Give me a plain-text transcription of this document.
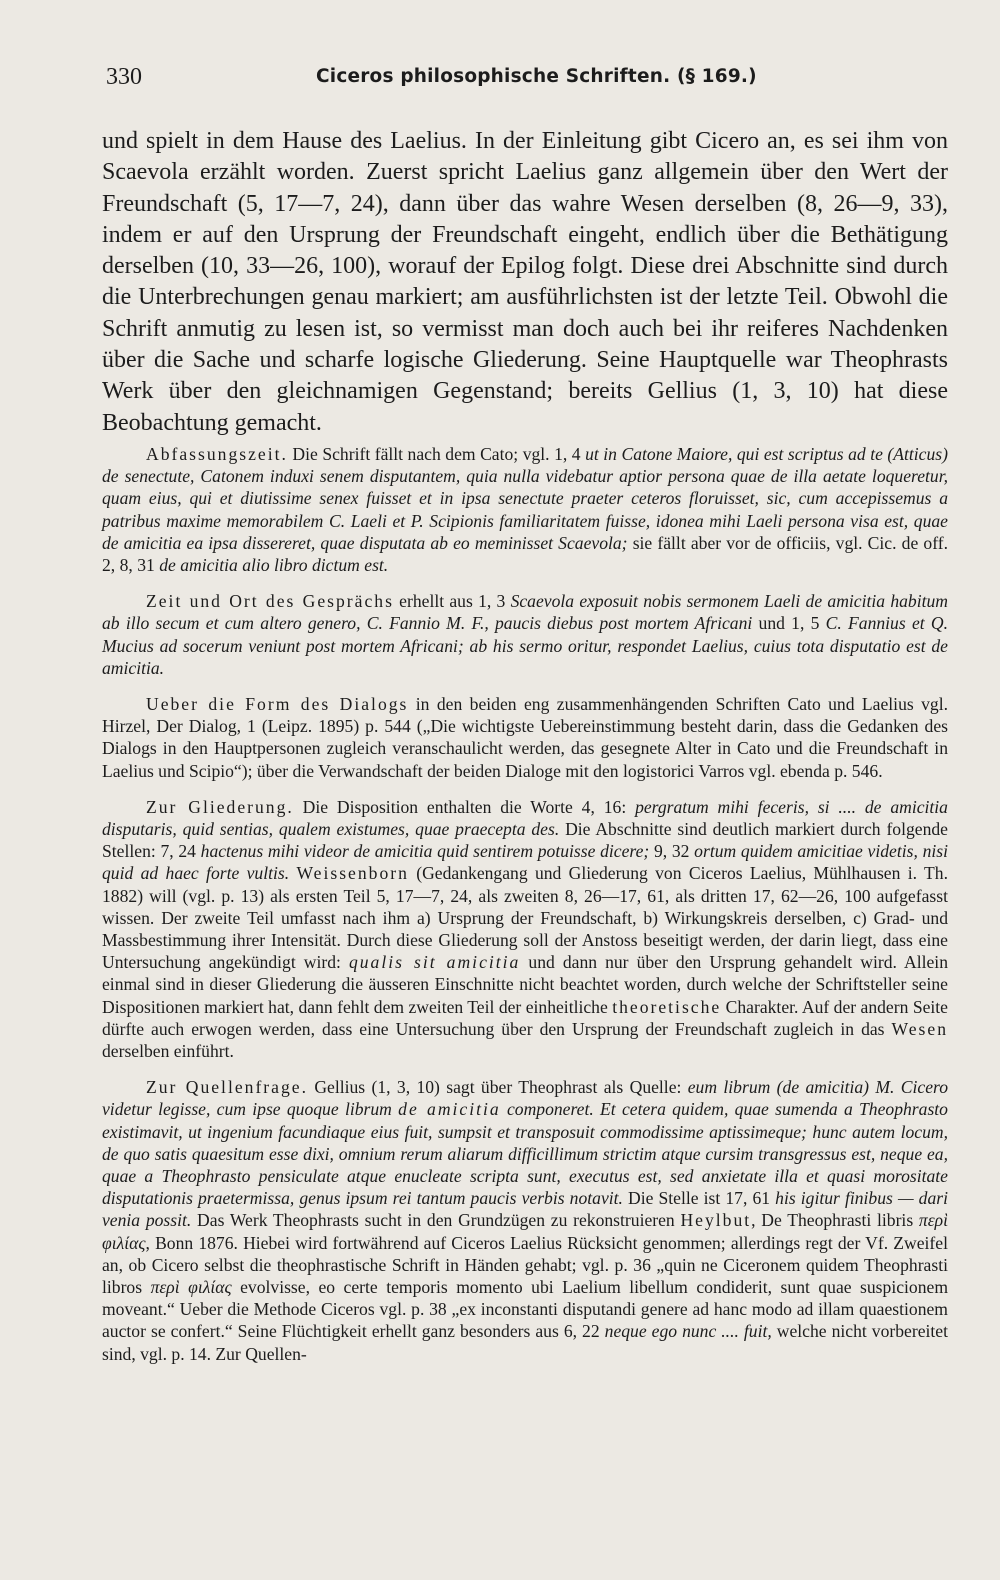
330	Ciceros philosophische Schriften. (§ 169.)

und spielt in dem Hause des Laelius. In der Einleitung gibt Cicero an, es sei ihm von Scaevola erzählt worden. Zuerst spricht Laelius ganz allgemein über den Wert der Freundschaft (5, 17—7, 24), dann über das wahre Wesen derselben (8, 26—9, 33), indem er auf den Ursprung der Freundschaft eingeht, endlich über die Bethätigung derselben (10, 33—26, 100), worauf der Epilog folgt. Diese drei Abschnitte sind durch die Unterbrechungen genau markiert; am ausführlichsten ist der letzte Teil. Obwohl die Schrift anmutig zu lesen ist, so vermisst man doch auch bei ihr reiferes Nachdenken über die Sache und scharfe logische Gliederung. Seine Hauptquelle war Theophrasts Werk über den gleichnamigen Gegenstand; bereits Gellius (1, 3, 10) hat diese Beobachtung gemacht.

Abfassungszeit. Die Schrift fällt nach dem Cato; vgl. 1, 4 ut in Catone Maiore, qui est scriptus ad te (Atticus) de senectute, Catonem induxi senem disputantem, quia nulla videbatur aptior persona quae de illa aetate loqueretur, quam eius, qui et diutissime senex fuisset et in ipsa senectute praeter ceteros floruisset, sic, cum accepissemus a patribus maxime memorabilem C. Laeli et P. Scipionis familiaritatem fuisse, idonea mihi Laeli persona visa est, quae de amicitia ea ipsa dissereret, quae disputata ab eo meminisset Scaevola; sie fällt aber vor de officiis, vgl. Cic. de off. 2, 8, 31 de amicitia alio libro dictum est.

Zeit und Ort des Gesprächs erhellt aus 1, 3 Scaevola exposuit nobis sermonem Laeli de amicitia habitum ab illo secum et cum altero genero, C. Fannio M. F., paucis diebus post mortem Africani und 1, 5 C. Fannius et Q. Mucius ad socerum veniunt post mortem Africani; ab his sermo oritur, respondet Laelius, cuius tota disputatio est de amicitia.

Ueber die Form des Dialogs in den beiden eng zusammenhängenden Schriften Cato und Laelius vgl. Hirzel, Der Dialog, 1 (Leipz. 1895) p. 544 („Die wichtigste Uebereinstimmung besteht darin, dass die Gedanken des Dialogs in den Hauptpersonen zugleich veranschaulicht werden, das gesegnete Alter in Cato und die Freundschaft in Laelius und Scipio“); über die Verwandschaft der beiden Dialoge mit den logistorici Varros vgl. ebenda p. 546.

Zur Gliederung. Die Disposition enthalten die Worte 4, 16: pergratum mihi feceris, si .... de amicitia disputaris, quid sentias, qualem existumes, quae praecepta des. Die Abschnitte sind deutlich markiert durch folgende Stellen: 7, 24 hactenus mihi videor de amicitia quid sentirem potuisse dicere; 9, 32 ortum quidem amicitiae videtis, nisi quid ad haec forte vultis. Weissenborn (Gedankengang und Gliederung von Ciceros Laelius, Mühlhausen i. Th. 1882) will (vgl. p. 13) als ersten Teil 5, 17—7, 24, als zweiten 8, 26—17, 61, als dritten 17, 62—26, 100 aufgefasst wissen. Der zweite Teil umfasst nach ihm a) Ursprung der Freundschaft, b) Wirkungskreis derselben, c) Grad- und Massbestimmung ihrer Intensität. Durch diese Gliederung soll der Anstoss beseitigt werden, der darin liegt, dass eine Untersuchung angekündigt wird: qualis sit amicitia und dann nur über den Ursprung gehandelt wird. Allein einmal sind in dieser Gliederung die äusseren Einschnitte nicht beachtet worden, durch welche der Schriftsteller seine Dispositionen markiert hat, dann fehlt dem zweiten Teil der einheitliche theoretische Charakter. Auf der andern Seite dürfte auch erwogen werden, dass eine Untersuchung über den Ursprung der Freundschaft zugleich in das Wesen derselben einführt.

Zur Quellenfrage. Gellius (1, 3, 10) sagt über Theophrast als Quelle: eum librum (de amicitia) M. Cicero videtur legisse, cum ipse quoque librum de amicitia componeret. Et cetera quidem, quae sumenda a Theophrasto existimavit, ut ingenium facundiaque eius fuit, sumpsit et transposuit commodissime aptissimeque; hunc autem locum, de quo satis quaesitum esse dixi, omnium rerum aliarum difficillimum strictim atque cursim transgressus est, neque ea, quae a Theophrasto pensiculate atque enucleate scripta sunt, executus est, sed anxietate illa et quasi morositate disputationis praetermissa, genus ipsum rei tantum paucis verbis notavit. Die Stelle ist 17, 61 his igitur finibus — dari venia possit. Das Werk Theophrasts sucht in den Grundzügen zu rekonstruieren Heylbut, De Theophrasti libris περὶ φιλίας, Bonn 1876. Hiebei wird fortwährend auf Ciceros Laelius Rücksicht genommen; allerdings regt der Vf. Zweifel an, ob Cicero selbst die theophrastische Schrift in Händen gehabt; vgl. p. 36 „quin ne Ciceronem quidem Theophrasti libros περὶ φιλίας evolvisse, eo certe temporis momento ubi Laelium libellum condiderit, sunt quae suspicionem moveant.“ Ueber die Methode Ciceros vgl. p. 38 „ex inconstanti disputandi genere ad hanc modo ad illam quaestionem auctor se confert.“ Seine Flüchtigkeit erhellt ganz besonders aus 6, 22 neque ego nunc .... fuit, welche nicht vorbereitet sind, vgl. p. 14. Zur Quellen-
